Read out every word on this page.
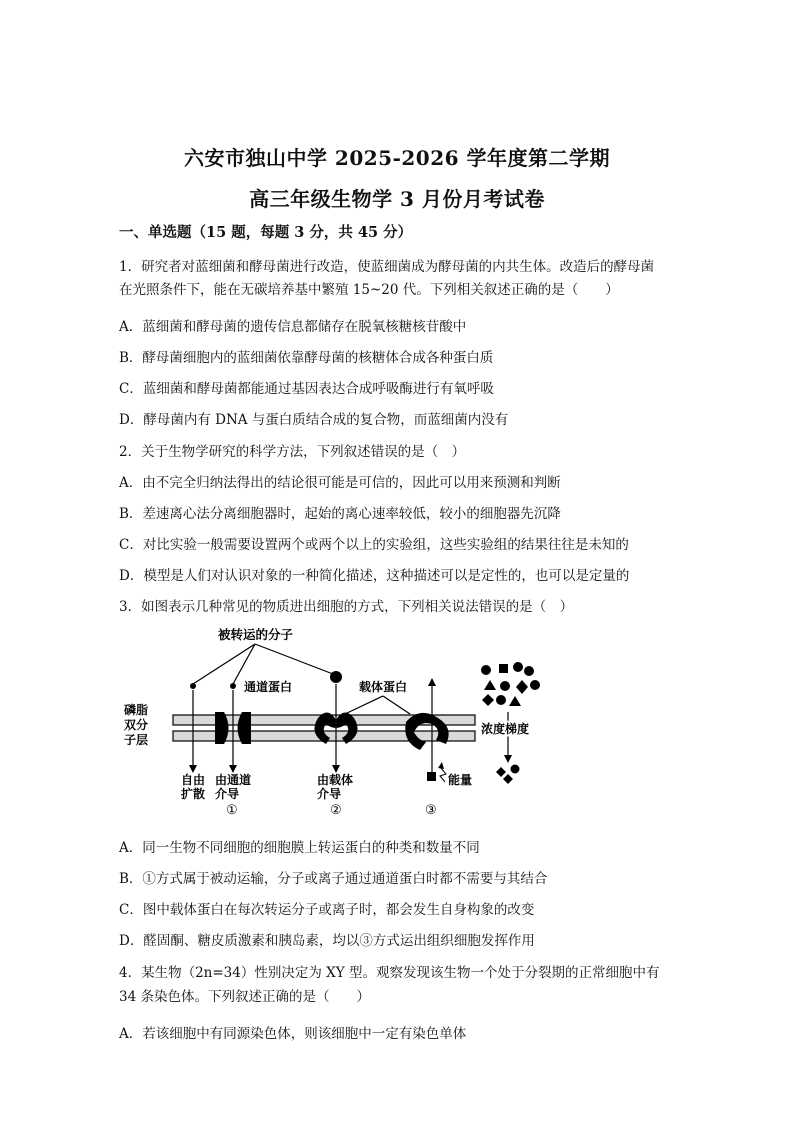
六安市独山中学 2025-2026 学年度第二学期
高三年级生物学 3 月份月考试卷
一、单选题（15 题，每题 3 分，共 45 分）
1．研究者对蓝细菌和酵母菌进行改造，使蓝细菌成为酵母菌的内共生体。改造后的酵母菌
在光照条件下，能在无碳培养基中繁殖 15~20 代。下列相关叙述正确的是（　　）
A．蓝细菌和酵母菌的遗传信息都储存在脱氧核糖核苷酸中
B．酵母菌细胞内的蓝细菌依靠酵母菌的核糖体合成各种蛋白质
C．蓝细菌和酵母菌都能通过基因表达合成呼吸酶进行有氧呼吸
D．酵母菌内有 DNA 与蛋白质结合成的复合物，而蓝细菌内没有
2．关于生物学研究的科学方法，下列叙述错误的是（　）
A．由不完全归纳法得出的结论很可能是可信的，因此可以用来预测和判断
B．差速离心法分离细胞器时，起始的离心速率较低，较小的细胞器先沉降
C．对比实验一般需要设置两个或两个以上的实验组，这些实验组的结果往往是未知的
D．模型是人们对认识对象的一种简化描述，这种描述可以是定性的，也可以是定量的
3．如图表示几种常见的物质进出细胞的方式，下列相关说法错误的是（　）
被转运的分子
通道蛋白	载体蛋白
磷脂
双分
子层
能量
浓度梯度
自由
扩散
由通道
介导
①
由载体
介导
②	③
A．同一生物不同细胞的细胞膜上转运蛋白的种类和数量不同
B．①方式属于被动运输，分子或离子通过通道蛋白时都不需要与其结合
C．图中载体蛋白在每次转运分子或离子时，都会发生自身构象的改变
D．醛固酮、糖皮质激素和胰岛素，均以③方式运出组织细胞发挥作用
4．某生物（2n=34）性别决定为 XY 型。观察发现该生物一个处于分裂期的正常细胞中有
34 条染色体。下列叙述正确的是（　　）
A．若该细胞中有同源染色体，则该细胞中一定有染色单体
